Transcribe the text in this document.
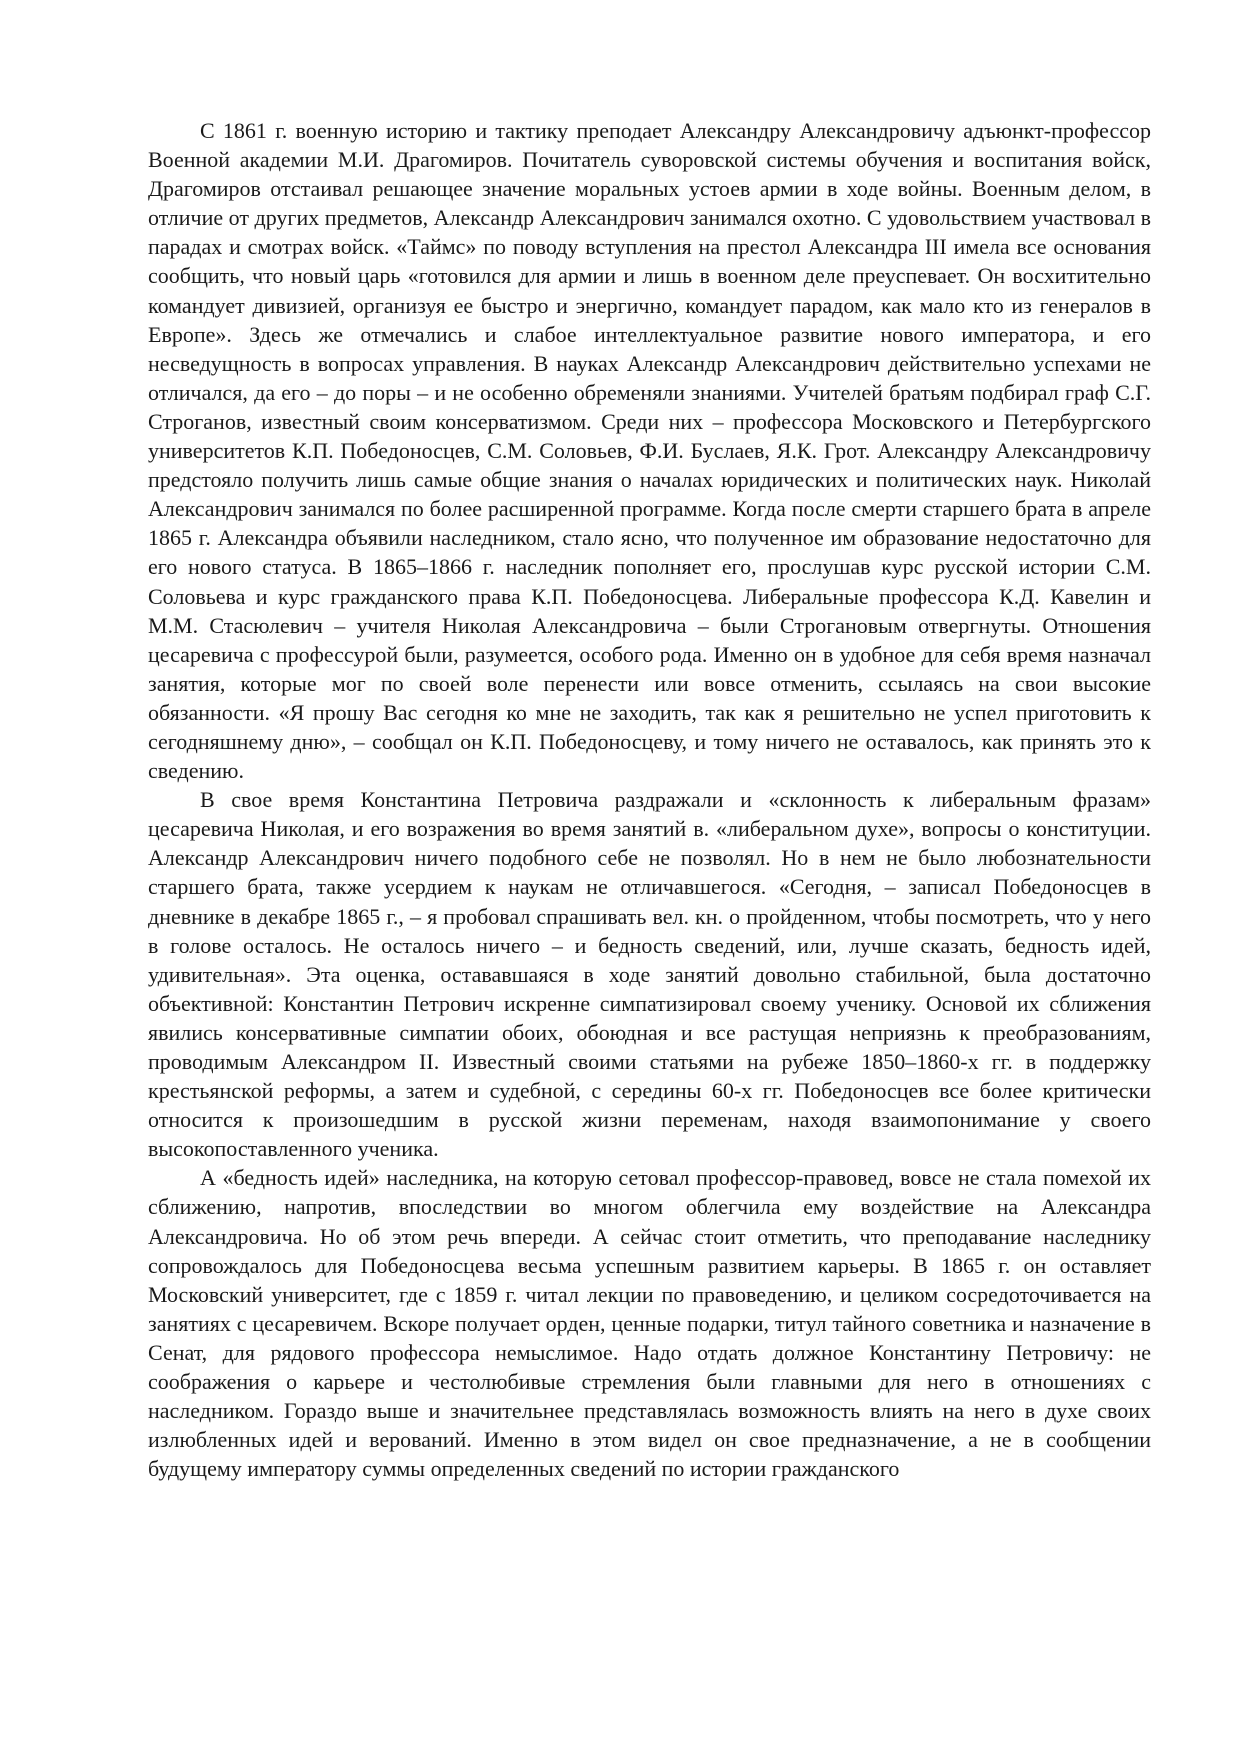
С 1861 г. военную историю и тактику преподает Александру Александровичу адъюнкт-профессор Военной академии М.И. Драгомиров. Почитатель суворовской системы обучения и воспитания войск, Драгомиров отстаивал решающее значение моральных устоев армии в ходе войны. Военным делом, в отличие от других предметов, Александр Александрович занимался охотно. С удовольствием участвовал в парадах и смотрах войск. «Таймс» по поводу вступления на престол Александра III имела все основания сообщить, что новый царь «готовился для армии и лишь в военном деле преуспевает. Он восхитительно командует дивизией, организуя ее быстро и энергично, командует парадом, как мало кто из генералов в Европе». Здесь же отмечались и слабое интеллектуальное развитие нового императора, и его несведущность в вопросах управления. В науках Александр Александрович действительно успехами не отличался, да его – до поры – и не особенно обременяли знаниями. Учителей братьям подбирал граф С.Г. Строганов, известный своим консерватизмом. Среди них – профессора Московского и Петербургского университетов К.П. Победоносцев, С.М. Соловьев, Ф.И. Буслаев, Я.К. Грот. Александру Александровичу предстояло получить лишь самые общие знания о началах юридических и политических наук. Николай Александрович занимался по более расширенной программе. Когда после смерти старшего брата в апреле 1865 г. Александра объявили наследником, стало ясно, что полученное им образование недостаточно для его нового статуса. В 1865–1866 г. наследник пополняет его, прослушав курс русской истории С.М. Соловьева и курс гражданского права К.П. Победоносцева. Либеральные профессора К.Д. Кавелин и М.М. Стасюлевич – учителя Николая Александровича – были Строгановым отвергнуты. Отношения цесаревича с профессурой были, разумеется, особого рода. Именно он в удобное для себя время назначал занятия, которые мог по своей воле перенести или вовсе отменить, ссылаясь на свои высокие обязанности. «Я прошу Вас сегодня ко мне не заходить, так как я решительно не успел приготовить к сегодняшнему дню», – сообщал он К.П. Победоносцеву, и тому ничего не оставалось, как принять это к сведению.

В свое время Константина Петровича раздражали и «склонность к либеральным фразам» цесаревича Николая, и его возражения во время занятий в. «либеральном духе», вопросы о конституции. Александр Александрович ничего подобного себе не позволял. Но в нем не было любознательности старшего брата, также усердием к наукам не отличавшегося. «Сегодня, – записал Победоносцев в дневнике в декабре 1865 г., – я пробовал спрашивать вел. кн. о пройденном, чтобы посмотреть, что у него в голове осталось. Не осталось ничего – и бедность сведений, или, лучше сказать, бедность идей, удивительная». Эта оценка, остававшаяся в ходе занятий довольно стабильной, была достаточно объективной: Константин Петрович искренне симпатизировал своему ученику. Основой их сближения явились консервативные симпатии обоих, обоюдная и все растущая неприязнь к преобразованиям, проводимым Александром II. Известный своими статьями на рубеже 1850–1860-х гг. в поддержку крестьянской реформы, а затем и судебной, с середины 60-х гг. Победоносцев все более критически относится к произошедшим в русской жизни переменам, находя взаимопонимание у своего высокопоставленного ученика.

А «бедность идей» наследника, на которую сетовал профессор-правовед, вовсе не стала помехой их сближению, напротив, впоследствии во многом облегчила ему воздействие на Александра Александровича. Но об этом речь впереди. А сейчас стоит отметить, что преподавание наследнику сопровождалось для Победоносцева весьма успешным развитием карьеры. В 1865 г. он оставляет Московский университет, где с 1859 г. читал лекции по правоведению, и целиком сосредоточивается на занятиях с цесаревичем. Вскоре получает орден, ценные подарки, титул тайного советника и назначение в Сенат, для рядового профессора немыслимое. Надо отдать должное Константину Петровичу: не соображения о карьере и честолюбивые стремления были главными для него в отношениях с наследником. Гораздо выше и значительнее представлялась возможность влиять на него в духе своих излюбленных идей и верований. Именно в этом видел он свое предназначение, а не в сообщении будущему императору суммы определенных сведений по истории гражданского
